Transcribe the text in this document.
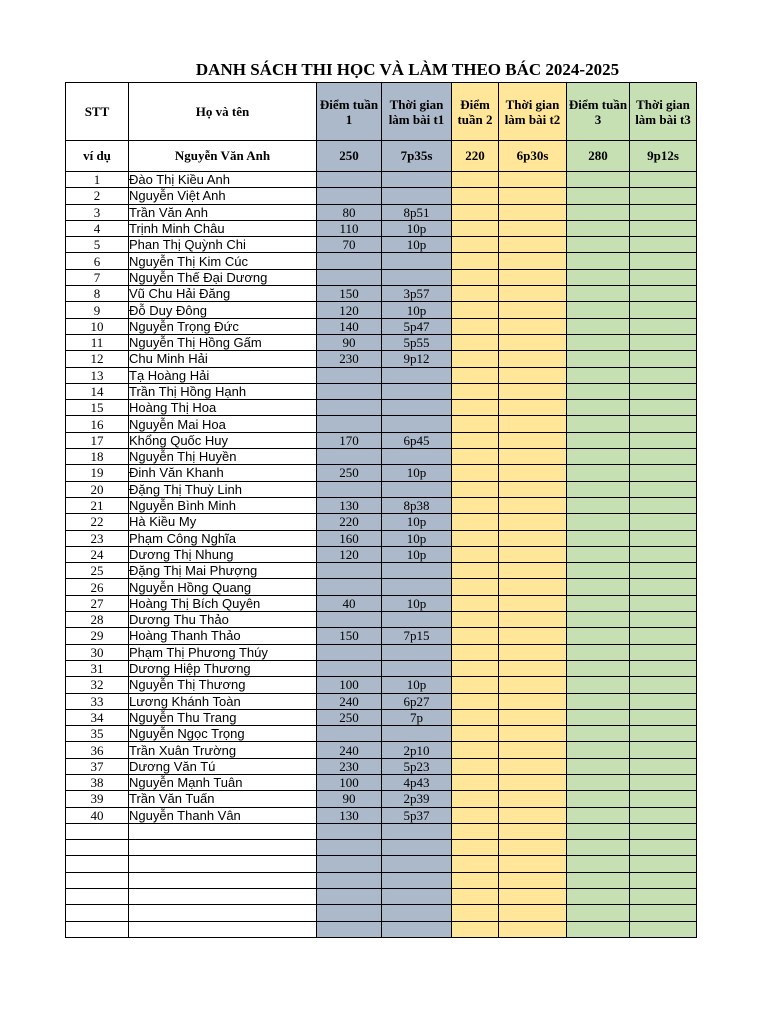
DANH SÁCH THI HỌC VÀ LÀM THEO BÁC 2024-2025
STT	Họ và tên	Điểm tuần 1	Thời gian làm bài t1	Điểm tuần 2	Thời gian làm bài t2	Điểm tuần 3	Thời gian làm bài t3
ví dụ	Nguyễn Văn Anh	250	7p35s	220	6p30s	280	9p12s
1	Đào Thị Kiều Anh						
2	Nguyễn Việt Anh						
3	Trần Văn Anh	80	8p51				
4	Trịnh Minh Châu	110	10p				
5	Phan Thị Quỳnh Chi	70	10p				
6	Nguyễn Thị Kim Cúc						
7	Nguyễn Thế Đại Dương						
8	Vũ Chu Hải Đăng	150	3p57				
9	Đỗ Duy Đông	120	10p				
10	Nguyễn Trọng Đức	140	5p47				
11	Nguyễn Thị Hồng Gấm	90	5p55				
12	Chu Minh Hải	230	9p12				
13	Tạ Hoàng Hải						
14	Trần Thị Hồng Hạnh						
15	Hoàng Thị Hoa						
16	Nguyễn Mai Hoa						
17	Khổng Quốc Huy	170	6p45				
18	Nguyễn Thị Huyền						
19	Đinh Văn Khanh	250	10p				
20	Đặng Thị Thuỳ Linh						
21	Nguyễn Bình Minh	130	8p38				
22	Hà Kiều My	220	10p				
23	Phạm Công Nghĩa	160	10p				
24	Dương Thị Nhung	120	10p				
25	Đặng Thị Mai Phượng						
26	Nguyễn Hồng Quang						
27	Hoàng Thị Bích Quyên	40	10p				
28	Dương Thu Thảo						
29	Hoàng Thanh Thảo	150	7p15				
30	Phạm Thị Phương Thúy						
31	Dương Hiệp Thương						
32	Nguyễn Thị Thương	100	10p				
33	Lương Khánh Toàn	240	6p27				
34	Nguyễn Thu Trang	250	7p				
35	Nguyễn Ngọc Trọng						
36	Trần Xuân Trường	240	2p10				
37	Dương Văn Tú	230	5p23				
38	Nguyễn Mạnh Tuân	100	4p43				
39	Trần Văn Tuấn	90	2p39				
40	Nguyễn Thanh Vân	130	5p37				
